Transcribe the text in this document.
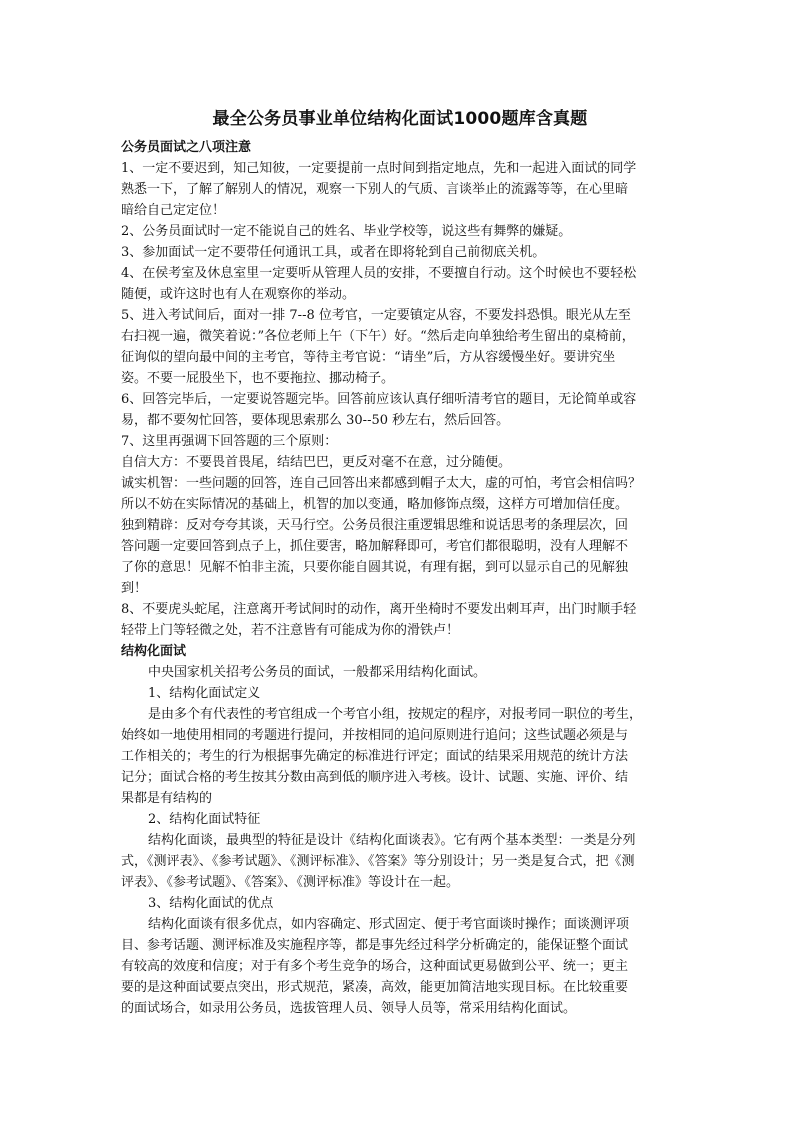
最全公务员事业单位结构化面试1000题库含真题
公务员面试之八项注意
1、一定不要迟到，知己知彼，一定要提前一点时间到指定地点，先和一起进入面试的同学
熟悉一下，了解了解别人的情况，观察一下别人的气质、言谈举止的流露等等，在心里暗
暗给自己定定位！
2、公务员面试时一定不能说自己的姓名、毕业学校等，说这些有舞弊的嫌疑。
3、参加面试一定不要带任何通讯工具，或者在即将轮到自己前彻底关机。
4、在侯考室及休息室里一定要听从管理人员的安排，不要擅自行动。这个时候也不要轻松
随便，或许这时也有人在观察你的举动。
5、进入考试间后，面对一排 7--8 位考官，一定要镇定从容，不要发抖恐惧。眼光从左至
右扫视一遍，微笑着说：”各位老师上午（下午）好。“然后走向单独给考生留出的桌椅前，
征询似的望向最中间的主考官，等待主考官说：“请坐”后，方从容缓慢坐好。要讲究坐
姿。不要一屁股坐下，也不要拖拉、挪动椅子。
6、回答完毕后，一定要说答题完毕。回答前应该认真仔细听清考官的题目，无论简单或容
易，都不要匆忙回答，要体现思索那么 30--50 秒左右，然后回答。
7、这里再强调下回答题的三个原则：
自信大方：不要畏首畏尾，结结巴巴，更反对毫不在意，过分随便。
诚实机智：一些问题的回答，连自己回答出来都感到帽子太大，虚的可怕，考官会相信吗？
所以不妨在实际情况的基础上，机智的加以变通，略加修饰点缀，这样方可增加信任度。
独到精辟：反对夸夸其谈，天马行空。公务员很注重逻辑思维和说话思考的条理层次，回
答问题一定要回答到点子上，抓住要害，略加解释即可，考官们都很聪明，没有人理解不
了你的意思！见解不怕非主流，只要你能自圆其说，有理有据，到可以显示自己的见解独
到！
8、不要虎头蛇尾，注意离开考试间时的动作，离开坐椅时不要发出刺耳声，出门时顺手轻
轻带上门等轻微之处，若不注意皆有可能成为你的滑铁卢！
结构化面试
中央国家机关招考公务员的面试，一般都采用结构化面试。
1、结构化面试定义
是由多个有代表性的考官组成一个考官小组，按规定的程序，对报考同一职位的考生，
始终如一地使用相同的考题进行提问，并按相同的追问原则进行追问；这些试题必须是与
工作相关的；考生的行为根据事先确定的标准进行评定；面试的结果采用规范的统计方法
记分；面试合格的考生按其分数由高到低的顺序进入考核。设计、试题、实施、评价、结
果都是有结构的
2、结构化面试特征
结构化面谈，最典型的特征是设计《结构化面谈表》。它有两个基本类型：一类是分列
式，《测评表》、《参考试题》、《测评标准》、《答案》等分别设计；另一类是复合式，把《测
评表》、《参考试题》、《答案》、《测评标准》等设计在一起。
3、结构化面试的优点
结构化面谈有很多优点，如内容确定、形式固定、便于考官面谈时操作；面谈测评项
目、参考话题、测评标准及实施程序等，都是事先经过科学分析确定的，能保证整个面试
有较高的效度和信度；对于有多个考生竞争的场合，这种面试更易做到公平、统一；更主
要的是这种面试要点突出，形式规范，紧凑，高效，能更加简洁地实现目标。在比较重要
的面试场合，如录用公务员，选拔管理人员、领导人员等，常采用结构化面试。
